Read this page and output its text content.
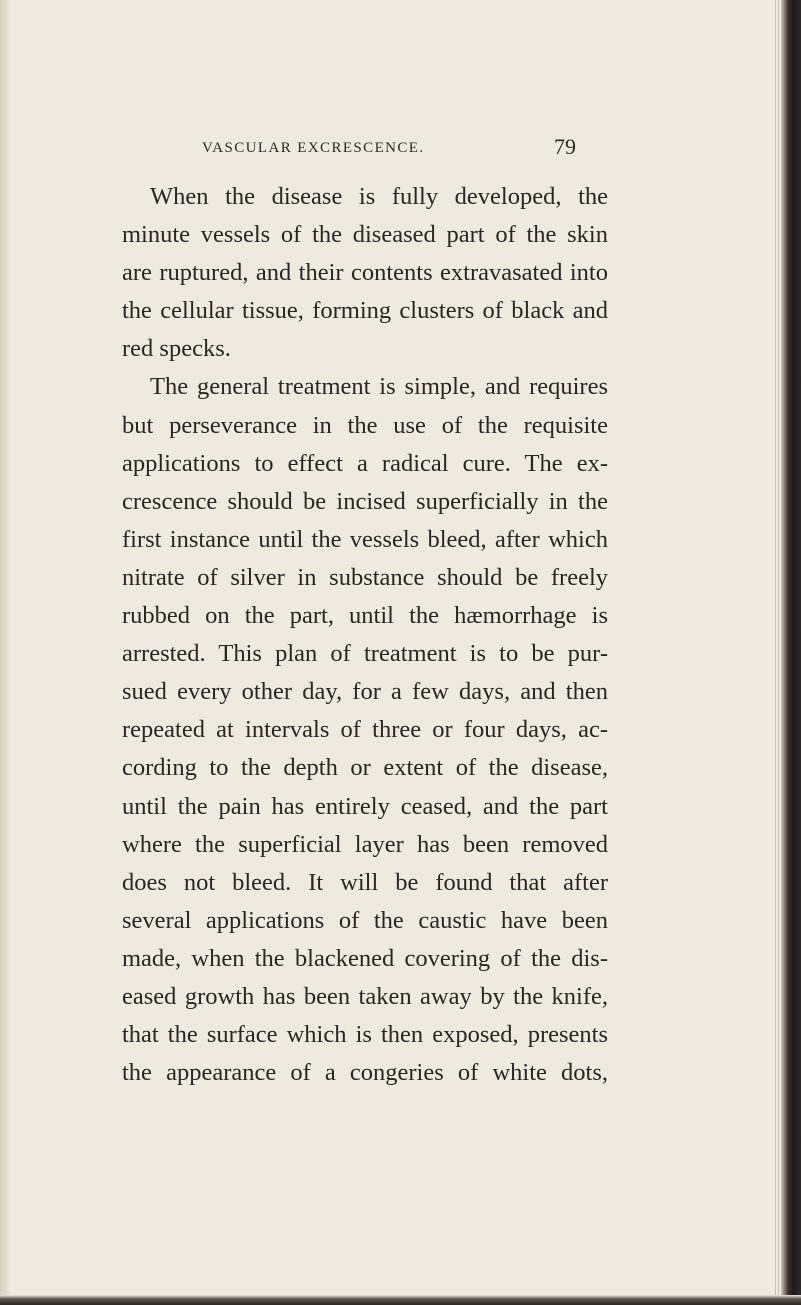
VASCULAR EXCRESCENCE.	79
When the disease is fully developed, the
minute vessels of the diseased part of the skin
are ruptured, and their contents extravasated into
the cellular tissue, forming clusters of black and
red specks.
The general treatment is simple, and requires
but perseverance in the use of the requisite
applications to effect a radical cure. The ex-
crescence should be incised superficially in the
first instance until the vessels bleed, after which
nitrate of silver in substance should be freely
rubbed on the part, until the hæmorrhage is
arrested. This plan of treatment is to be pur-
sued every other day, for a few days, and then
repeated at intervals of three or four days, ac-
cording to the depth or extent of the disease,
until the pain has entirely ceased, and the part
where the superficial layer has been removed
does not bleed. It will be found that after
several applications of the caustic have been
made, when the blackened covering of the dis-
eased growth has been taken away by the knife,
that the surface which is then exposed, presents
the appearance of a congeries of white dots,
